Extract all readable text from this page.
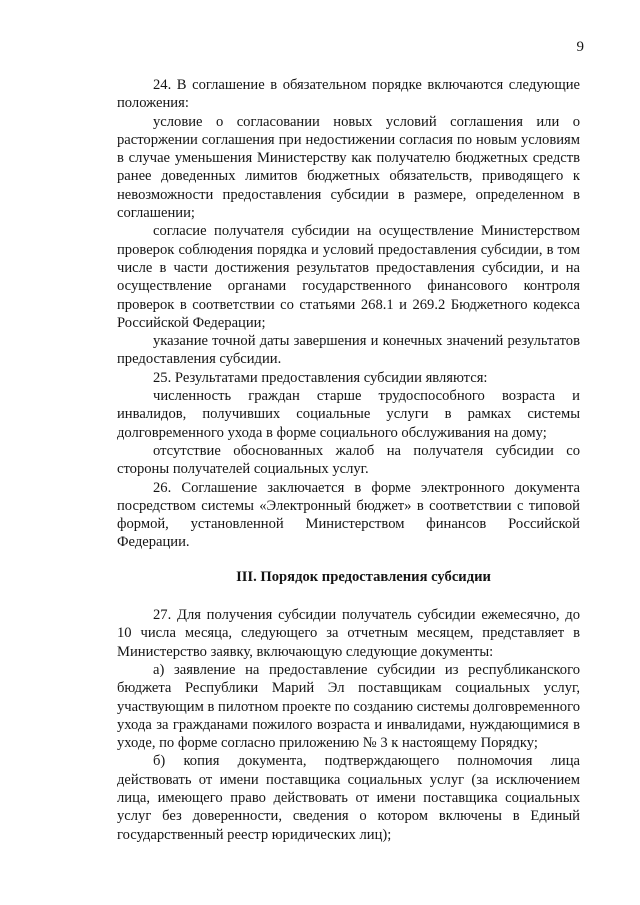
9

24. В соглашение в обязательном порядке включаются следующие положения:

условие о согласовании новых условий соглашения или о расторжении соглашения при недостижении согласия по новым условиям в случае уменьшения Министерству как получателю бюджетных средств ранее доведенных лимитов бюджетных обязательств, приводящего к невозможности предоставления субсидии в размере, определенном в соглашении;

согласие получателя субсидии на осуществление Министерством проверок соблюдения порядка и условий предоставления субсидии, в том числе в части достижения результатов предоставления субсидии, и на осуществление органами государственного финансового контроля проверок в соответствии со статьями 268.1 и 269.2 Бюджетного кодекса Российской Федерации;

указание точной даты завершения и конечных значений результатов предоставления субсидии.

25. Результатами предоставления субсидии являются:

численность граждан старше трудоспособного возраста и инвалидов, получивших социальные услуги в рамках системы долговременного ухода в форме социального обслуживания на дому;

отсутствие обоснованных жалоб на получателя субсидии со стороны получателей социальных услуг.

26. Соглашение заключается в форме электронного документа посредством системы «Электронный бюджет» в соответствии с типовой формой, установленной Министерством финансов Российской Федерации.

III. Порядок предоставления субсидии

27. Для получения субсидии получатель субсидии ежемесячно, до 10 числа месяца, следующего за отчетным месяцем, представляет в Министерство заявку, включающую следующие документы:

а) заявление на предоставление субсидии из республиканского бюджета Республики Марий Эл поставщикам социальных услуг, участвующим в пилотном проекте по созданию системы долговременного ухода за гражданами пожилого возраста и инвалидами, нуждающимися в уходе, по форме согласно приложению № 3 к настоящему Порядку;

б) копия документа, подтверждающего полномочия лица действовать от имени поставщика социальных услуг (за исключением лица, имеющего право действовать от имени поставщика социальных услуг без доверенности, сведения о котором включены в Единый государственный реестр юридических лиц);
